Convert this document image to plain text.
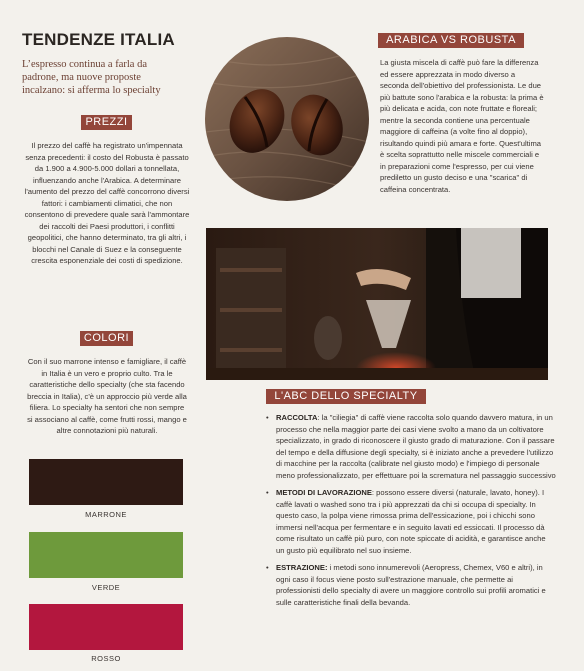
TENDENZE ITALIA
L’espresso continua a farla da padrone, ma nuove proposte incalzano: si afferma lo specialty
PREZZI
Il prezzo del caffè ha registrato un'impennata senza precedenti: il costo del Robusta è passato da 1.900 a 4.900-5.000 dollari a tonnellata, influenzando anche l'Arabica. A determinare l'aumento del prezzo del caffè concorrono diversi fattori: i cambiamenti climatici, che non consentono di prevedere quale sarà l'ammontare dei raccolti dei Paesi produttori, i conflitti geopolitici, che hanno determinato, tra gli altri, i blocchi nel Canale di Suez e la conseguente crescita esponenziale dei costi di spedizione.
COLORI
Con il suo marrone intenso e famigliare, il caffè in Italia è un vero e proprio culto. Tra le caratteristiche dello specialty (che sta facendo breccia in Italia), c'è un approccio più verde alla filiera. Lo specialty ha sentori che non sempre si associano al caffè, come frutti rossi, mango e altre connotazioni più naturali.
MARRONE
VERDE
ROSSO
ARABICA VS ROBUSTA
La giusta miscela di caffè può fare la differenza ed essere apprezzata in modo diverso a seconda dell'obiettivo del professionista. Le due più battute sono l'arabica e la robusta: la prima è più delicata e acida, con note fruttate e floreali; mentre la seconda contiene una percentuale maggiore di caffeina (a volte fino al doppio), risultando quindi più amara e forte. Quest'ultima è scelta soprattutto nelle miscele commerciali e in preparazioni come l'espresso, per cui viene prediletto un gusto deciso e una "scarica" di caffeina concentrata.
L'ABC DELLO SPECIALTY
• RACCOLTA: la "ciliegia" di caffè viene raccolta solo quando davvero matura, in un processo che nella maggior parte dei casi viene svolto a mano da un coltivatore specializzato, in grado di riconoscere il giusto grado di maturazione. Con il passare del tempo e della diffusione degli specialty, si è iniziato anche a prevedere l'utilizzo di macchine per la raccolta (calibrate nel giusto modo) e l'impiego di personale meno professionalizzato, per effettuare poi la scrematura nel passaggio successivo
• METODI DI LAVORAZIONE: possono essere diversi (naturale, lavato, honey). I caffè lavati o washed sono tra i più apprezzati da chi si occupa di specialty. In questo caso, la polpa viene rimossa prima dell'essicazione, poi i chicchi sono immersi nell'acqua per fermentare e in seguito lavati ed essiccati. Il processo dà come risultato un caffè più puro, con note spiccate di acidità, e garantisce anche un gusto più equilibrato nel suo insieme.
• ESTRAZIONE: i metodi sono innumerevoli (Aeropress, Chemex, V60 e altri), in ogni caso il focus viene posto sull'estrazione manuale, che permette ai professionisti dello specialty di avere un maggiore controllo sui profili aromatici e sulle caratteristiche finali della bevanda.
